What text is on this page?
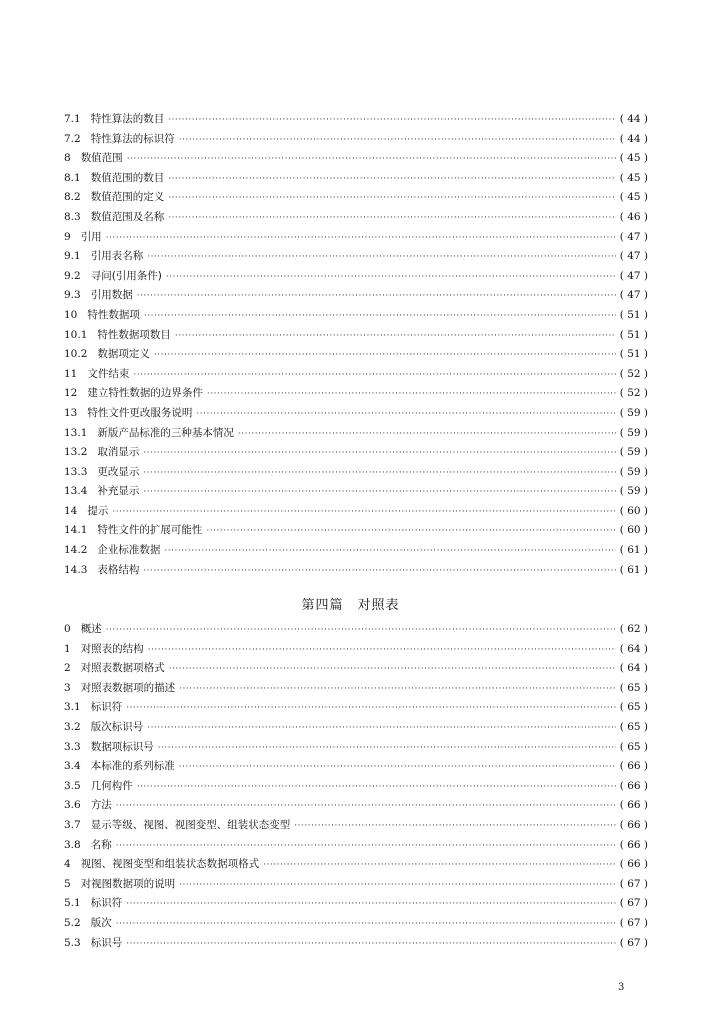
7.1 特性算法的数目 ·····	( 44 )
7.2 特性算法的标识符 ·····	( 44 )
8 数值范围 ·····	( 45 )
8.1 数值范围的数目 ·····	( 45 )
8.2 数值范围的定义 ·····	( 45 )
8.3 数值范围及名称 ·····	( 46 )
9 引用 ·····	( 47 )
9.1 引用表名称 ·····	( 47 )
9.2 寻问(引用条件) ·····	( 47 )
9.3 引用数据 ·····	( 47 )
10 特性数据项 ·····	( 51 )
10.1 特性数据项数目 ·····	( 51 )
10.2 数据项定义 ·····	( 51 )
11 文件结束 ·····	( 52 )
12 建立特性数据的边界条件 ·····	( 52 )
13 特性文件更改服务说明 ·····	( 59 )
13.1 新版产品标准的三种基本情况 ·····	( 59 )
13.2 取消显示 ·····	( 59 )
13.3 更改显示 ·····	( 59 )
13.4 补充显示 ·····	( 59 )
14 提示 ·····	( 60 )
14.1 特性文件的扩展可能性 ·····	( 60 )
14.2 企业标准数据 ·····	( 61 )
14.3 表格结构 ·····	( 61 )
第四篇　对照表
0 概述 ·····	( 62 )
1 对照表的结构 ·····	( 64 )
2 对照表数据项格式 ·····	( 64 )
3 对照表数据项的描述 ·····	( 65 )
3.1 标识符 ·····	( 65 )
3.2 版次标识号 ·····	( 65 )
3.3 数据项标识号 ·····	( 65 )
3.4 本标准的系列标准 ·····	( 66 )
3.5 几何构件 ·····	( 66 )
3.6 方法 ·····	( 66 )
3.7 显示等级、视图、视图变型、组装状态变型 ·····	( 66 )
3.8 名称 ·····	( 66 )
4 视图、视图变型和组装状态数据项格式 ·····	( 66 )
5 对视图数据项的说明 ·····	( 67 )
5.1 标识符 ·····	( 67 )
5.2 版次 ·····	( 67 )
5.3 标识号 ·····	( 67 )
3
